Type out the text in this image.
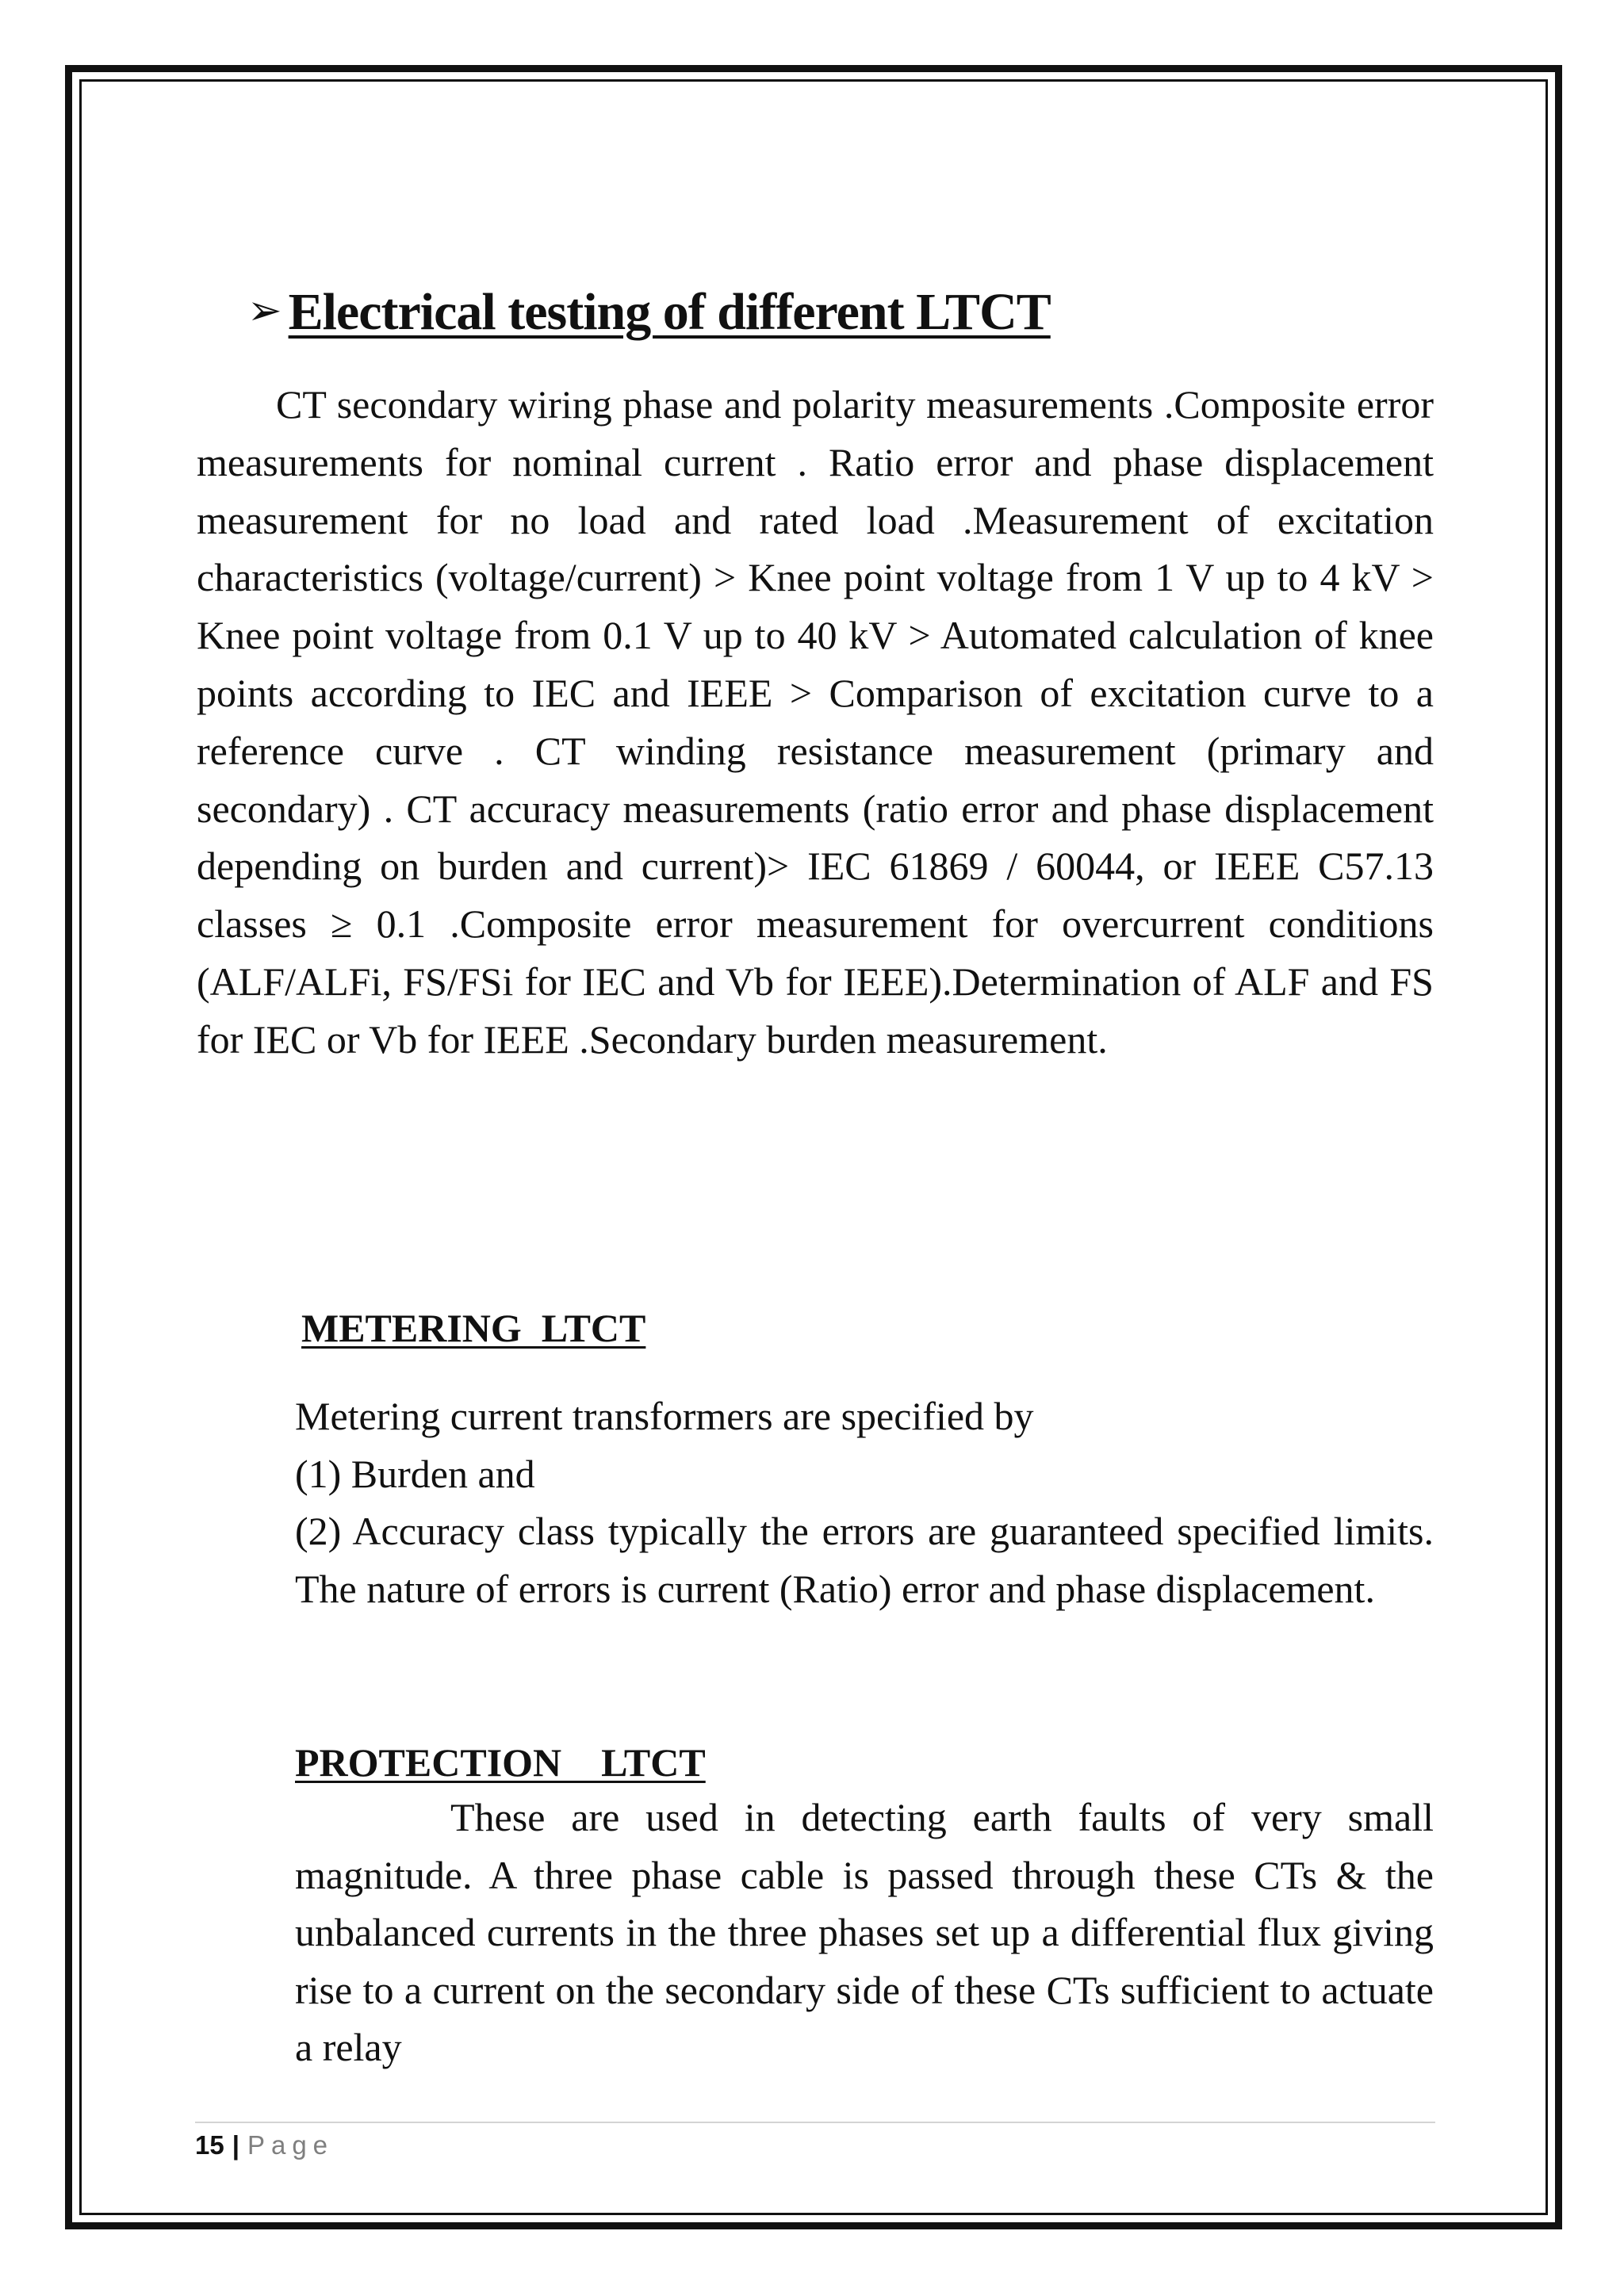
➢ Electrical testing of different LTCT

CT secondary wiring phase and polarity measurements .Composite error measurements for nominal current . Ratio error and phase displacement measurement for no load and rated load .Measurement of excitation characteristics (voltage/current) > Knee point voltage from 1 V up to 4 kV > Knee point voltage from 0.1 V up to 40 kV > Automated calculation of knee points according to IEC and IEEE > Comparison of excitation curve to a reference curve . CT winding resistance measurement (primary and secondary) . CT accuracy measurements (ratio error and phase displacement depending on burden and current)> IEC 61869 / 60044, or IEEE C57.13 classes ≥ 0.1 .Composite error measurement for overcurrent conditions (ALF/ALFi, FS/FSi for IEC and Vb for IEEE).Determination of ALF and FS for IEC or Vb for IEEE .Secondary burden measurement.

METERING  LTCT

Metering current transformers are specified by
(1) Burden and

(2) Accuracy class typically the errors are guaranteed specified limits. The nature of errors is current (Ratio) error and phase displacement.

PROTECTION    LTCT

These are used in detecting earth faults of very small magnitude. A three phase cable is passed through these CTs & the unbalanced currents in the three phases set up a differential flux giving rise to a current on the secondary side of these CTs sufficient to actuate a relay

15 | Page
